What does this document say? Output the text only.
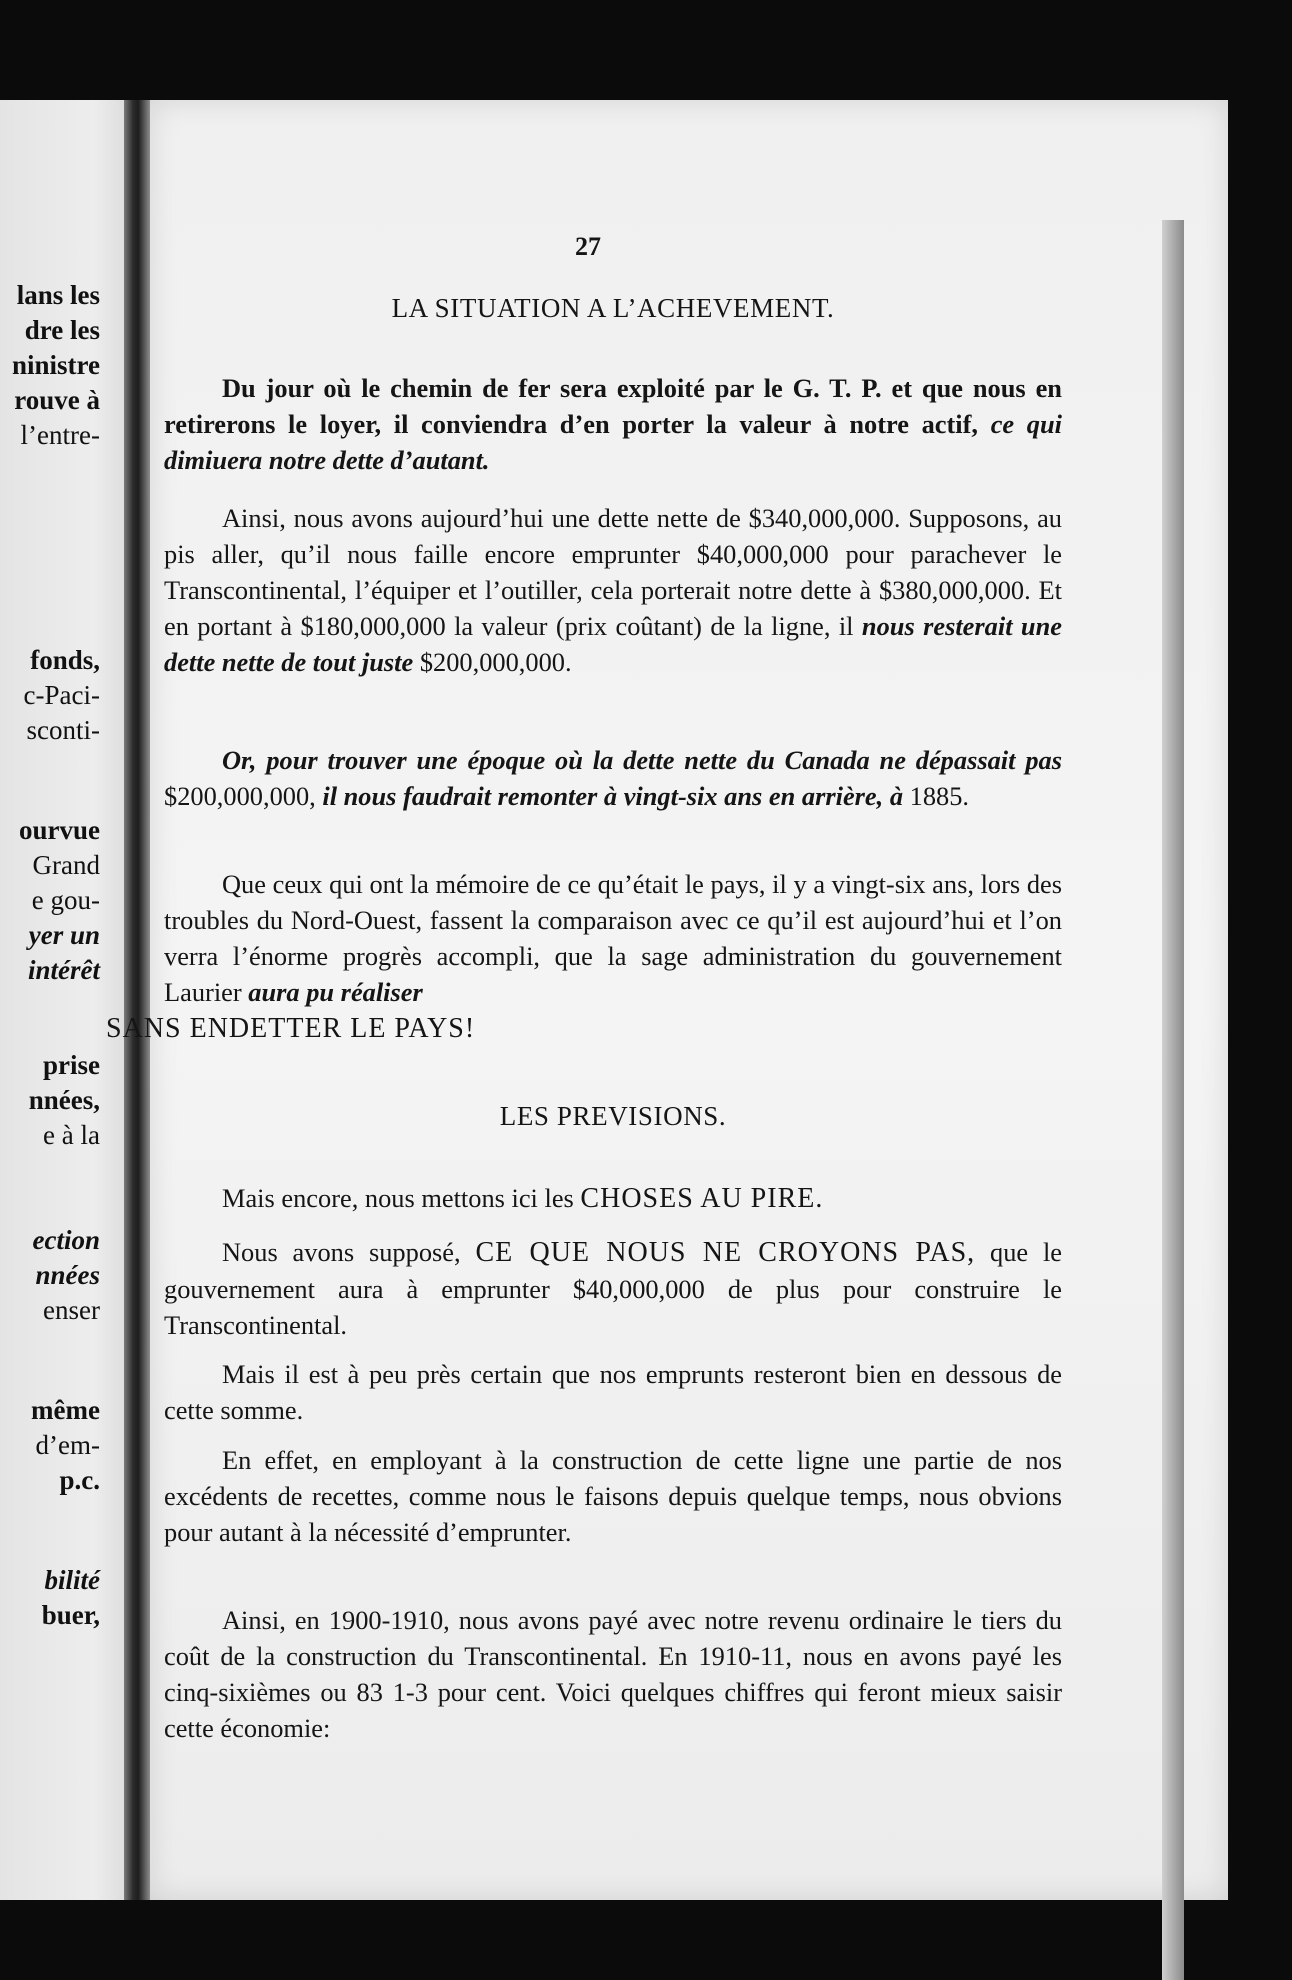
lans les
dre les
ninistre
rouve à
l’entre-
fonds,
c-Paci-
sconti-
ourvue
Grand
e gou-
yer un
intérêt
prise
nnées,
e à la
ection
nnées
enser
même
d’em-
p.c.
bilité
buer,
27
LA SITUATION A L’ACHEVEMENT.

Du jour où le chemin de fer sera exploité par le G. T. P. et que nous en retirerons le loyer, il conviendra d’en porter la valeur à notre actif, ce qui dimiuera notre dette d’autant.

Ainsi, nous avons aujourd’hui une dette nette de $340,000,000. Supposons, au pis aller, qu’il nous faille encore emprunter $40,000,000 pour parachever le Transcontinental, l’équiper et l’outiller, cela porterait notre dette à $380,000,000. Et en portant à $180,000,000 la valeur (prix coûtant) de la ligne, il nous resterait une dette nette de tout juste $200,000,000.

Or, pour trouver une époque où la dette nette du Canada ne dépassait pas $200,000,000, il nous faudrait remonter à vingt-six ans en arrière, à 1885.

Que ceux qui ont la mémoire de ce qu’était le pays, il y a vingt-six ans, lors des troubles du Nord-Ouest, fassent la comparaison avec ce qu’il est aujourd’hui et l’on verra l’énorme progrès accompli, que la sage administration du gouvernement Laurier aura pu réaliser
SANS ENDETTER LE PAYS!

LES PREVISIONS.

Mais encore, nous mettons ici les CHOSES AU PIRE.

Nous avons supposé, CE QUE NOUS NE CROYONS PAS, que le gouvernement aura à emprunter $40,000,000 de plus pour construire le Transcontinental.

Mais il est à peu près certain que nos emprunts resteront bien en dessous de cette somme.

En effet, en employant à la construction de cette ligne une partie de nos excédents de recettes, comme nous le faisons depuis quelque temps, nous obvions pour autant à la nécessité d’emprunter.

Ainsi, en 1900-1910, nous avons payé avec notre revenu ordinaire le tiers du coût de la construction du Transcontinental. En 1910-11, nous en avons payé les cinq-sixièmes ou 83 1-3 pour cent. Voici quelques chiffres qui feront mieux saisir cette économie:
